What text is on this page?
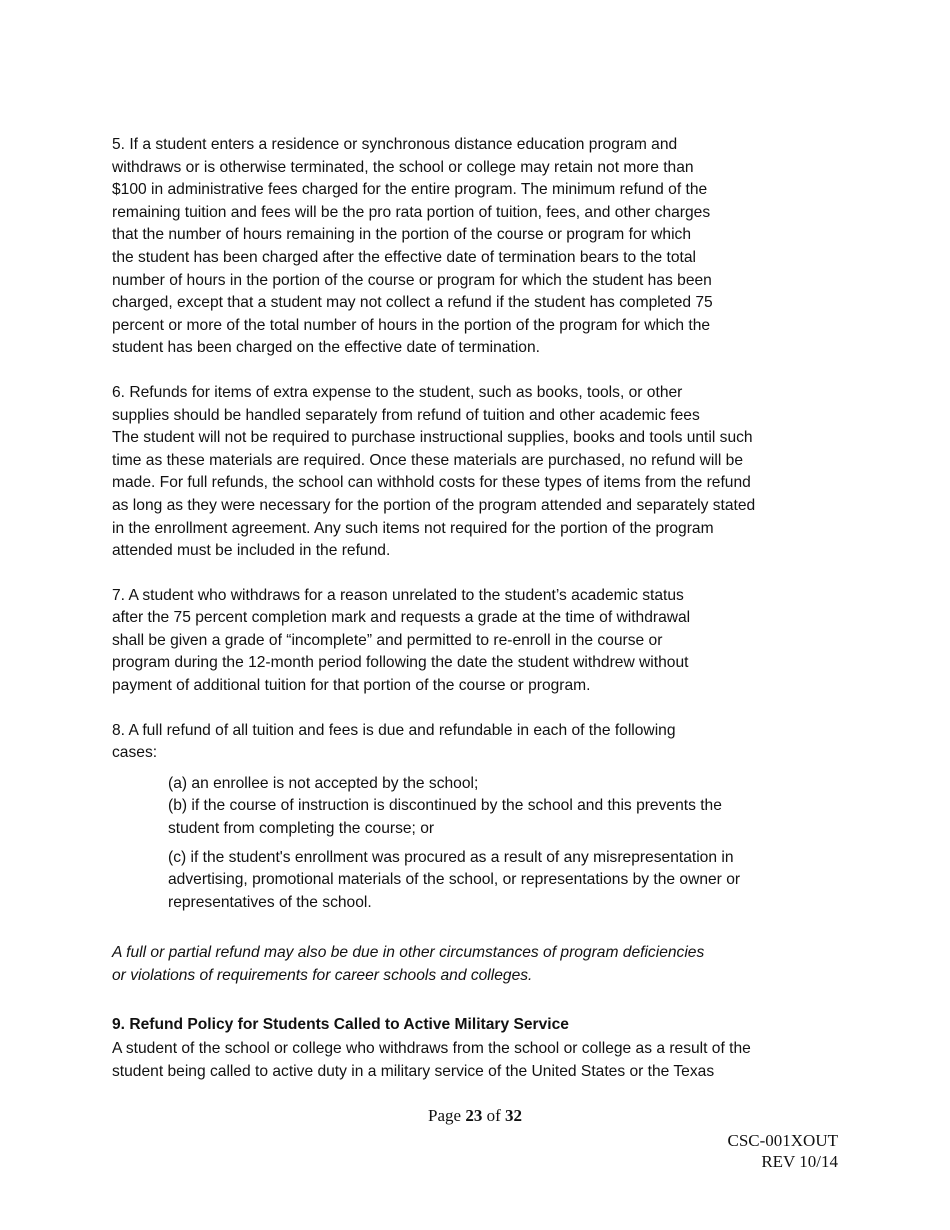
5. If a student enters a residence or synchronous distance education program and
withdraws or is otherwise terminated, the school or college may retain not more than
$100 in administrative fees charged for the entire program. The minimum refund of the
remaining tuition and fees will be the pro rata portion of tuition, fees, and other charges
that the number of hours remaining in the portion of the course or program for which
the student has been charged after the effective date of termination bears to the total
number of hours in the portion of the course or program for which the student has been
charged, except that a student may not collect a refund if the student has completed 75
percent or more of the total number of hours in the portion of the program for which the
student has been charged on the effective date of termination.

6. Refunds for items of extra expense to the student, such as books, tools, or other
supplies should be handled separately from refund of tuition and other academic fees
The student will not be required to purchase instructional supplies, books and tools until such
time as these materials are required. Once these materials are purchased, no refund will be
made. For full refunds, the school can withhold costs for these types of items from the refund
as long as they were necessary for the portion of the program attended and separately stated
in the enrollment agreement. Any such items not required for the portion of the program
attended must be included in the refund.

7. A student who withdraws for a reason unrelated to the student’s academic status
after the 75 percent completion mark and requests a grade at the time of withdrawal
shall be given a grade of “incomplete” and permitted to re-enroll in the course or
program during the 12-month period following the date the student withdrew without
payment of additional tuition for that portion of the course or program.

8. A full refund of all tuition and fees is due and refundable in each of the following
cases:
(a) an enrollee is not accepted by the school;
(b) if the course of instruction is discontinued by the school and this prevents the
student from completing the course; or
(c) if the student's enrollment was procured as a result of any misrepresentation in
advertising, promotional materials of the school, or representations by the owner or
representatives of the school.

A full or partial refund may also be due in other circumstances of program deficiencies
or violations of requirements for career schools and colleges.

9. Refund Policy for Students Called to Active Military Service

A student of the school or college who withdraws from the school or college as a result of the
student being called to active duty in a military service of the United States or the Texas

Page 23 of 32
CSC-001XOUT
REV 10/14
